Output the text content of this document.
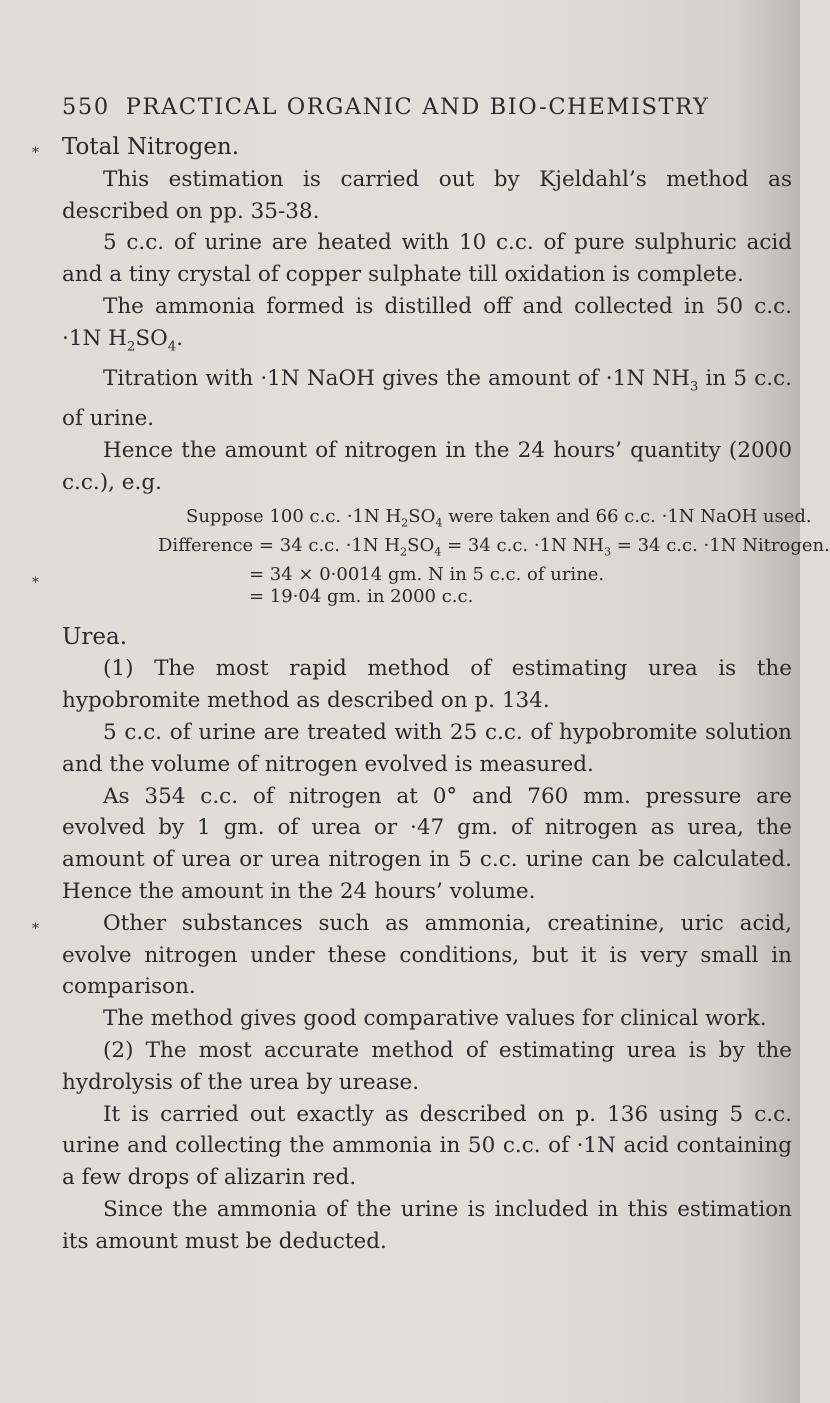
550 PRACTICAL ORGANIC AND BIO-CHEMISTRY
*
*
*

Total Nitrogen.

This estimation is carried out by Kjeldahl’s method as described on pp. 35-38.

5 c.c. of urine are heated with 10 c.c. of pure sulphuric acid and a tiny crystal of copper sulphate till oxidation is complete.

The ammonia formed is distilled off and collected in 50 c.c. ·1N $H_2SO_4$.

Titration with ·1N NaOH gives the amount of ·1N $NH_3$ in 5 c.c. of urine.

Hence the amount of nitrogen in the 24 hours’ quantity (2000 c.c.), e.g.

Suppose 100 c.c. ·1N $H_2SO_4$ were taken and 66 c.c. ·1N NaOH used.
Difference = 34 c.c. ·1N $H_2SO_4 = 34$ c.c. ·1N $NH_3 = 34$ c.c. ·1N Nitrogen.
= 34 × 0·0014 gm. N in 5 c.c. of urine.
= 19·04 gm. in 2000 c.c.

Urea.

(1) The most rapid method of estimating urea is the hypobromite method as described on p. 134.

5 c.c. of urine are treated with 25 c.c. of hypobromite solution and the volume of nitrogen evolved is measured.

As 354 c.c. of nitrogen at 0° and 760 mm. pressure are evolved by 1 gm. of urea or ·47 gm. of nitrogen as urea, the amount of urea or urea nitrogen in 5 c.c. urine can be calculated. Hence the amount in the 24 hours’ volume.

Other substances such as ammonia, creatinine, uric acid, evolve nitrogen under these conditions, but it is very small in comparison.

The method gives good comparative values for clinical work.

(2) The most accurate method of estimating urea is by the hydrolysis of the urea by urease.

It is carried out exactly as described on p. 136 using 5 c.c. urine and collecting the ammonia in 50 c.c. of ·1N acid containing a few drops of alizarin red.

Since the ammonia of the urine is included in this estimation its amount must be deducted.
